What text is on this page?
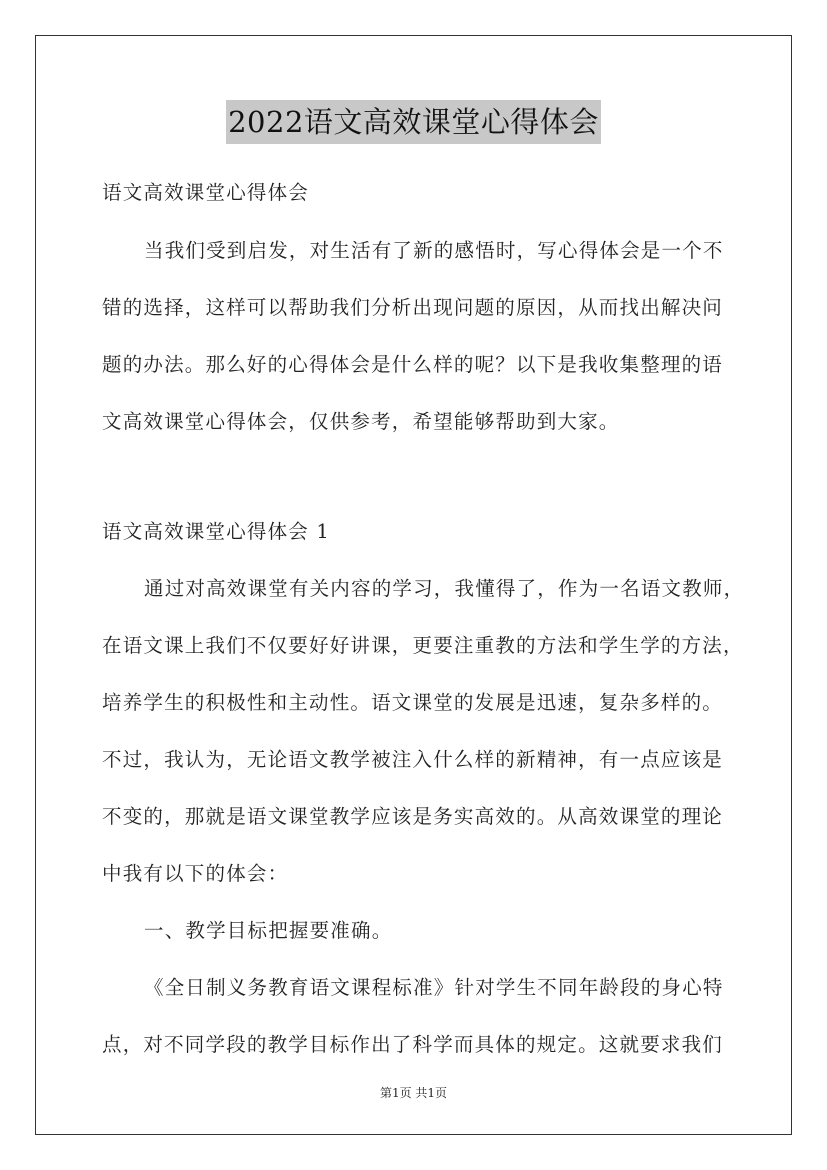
2022语文高效课堂心得体会
语文高效课堂心得体会
当我们受到启发，对生活有了新的感悟时，写心得体会是一个不
错的选择，这样可以帮助我们分析出现问题的原因，从而找出解决问
题的办法。那么好的心得体会是什么样的呢？以下是我收集整理的语
文高效课堂心得体会，仅供参考，希望能够帮助到大家。
语文高效课堂心得体会 1
通过对高效课堂有关内容的学习，我懂得了，作为一名语文教师，
在语文课上我们不仅要好好讲课，更要注重教的方法和学生学的方法，
培养学生的积极性和主动性。语文课堂的发展是迅速，复杂多样的。
不过，我认为，无论语文教学被注入什么样的新精神，有一点应该是
不变的，那就是语文课堂教学应该是务实高效的。从高效课堂的理论
中我有以下的体会：
一、教学目标把握要准确。
《全日制义务教育语文课程标准》针对学生不同年龄段的身心特
点，对不同学段的教学目标作出了科学而具体的规定。这就要求我们
第1页 共1页
